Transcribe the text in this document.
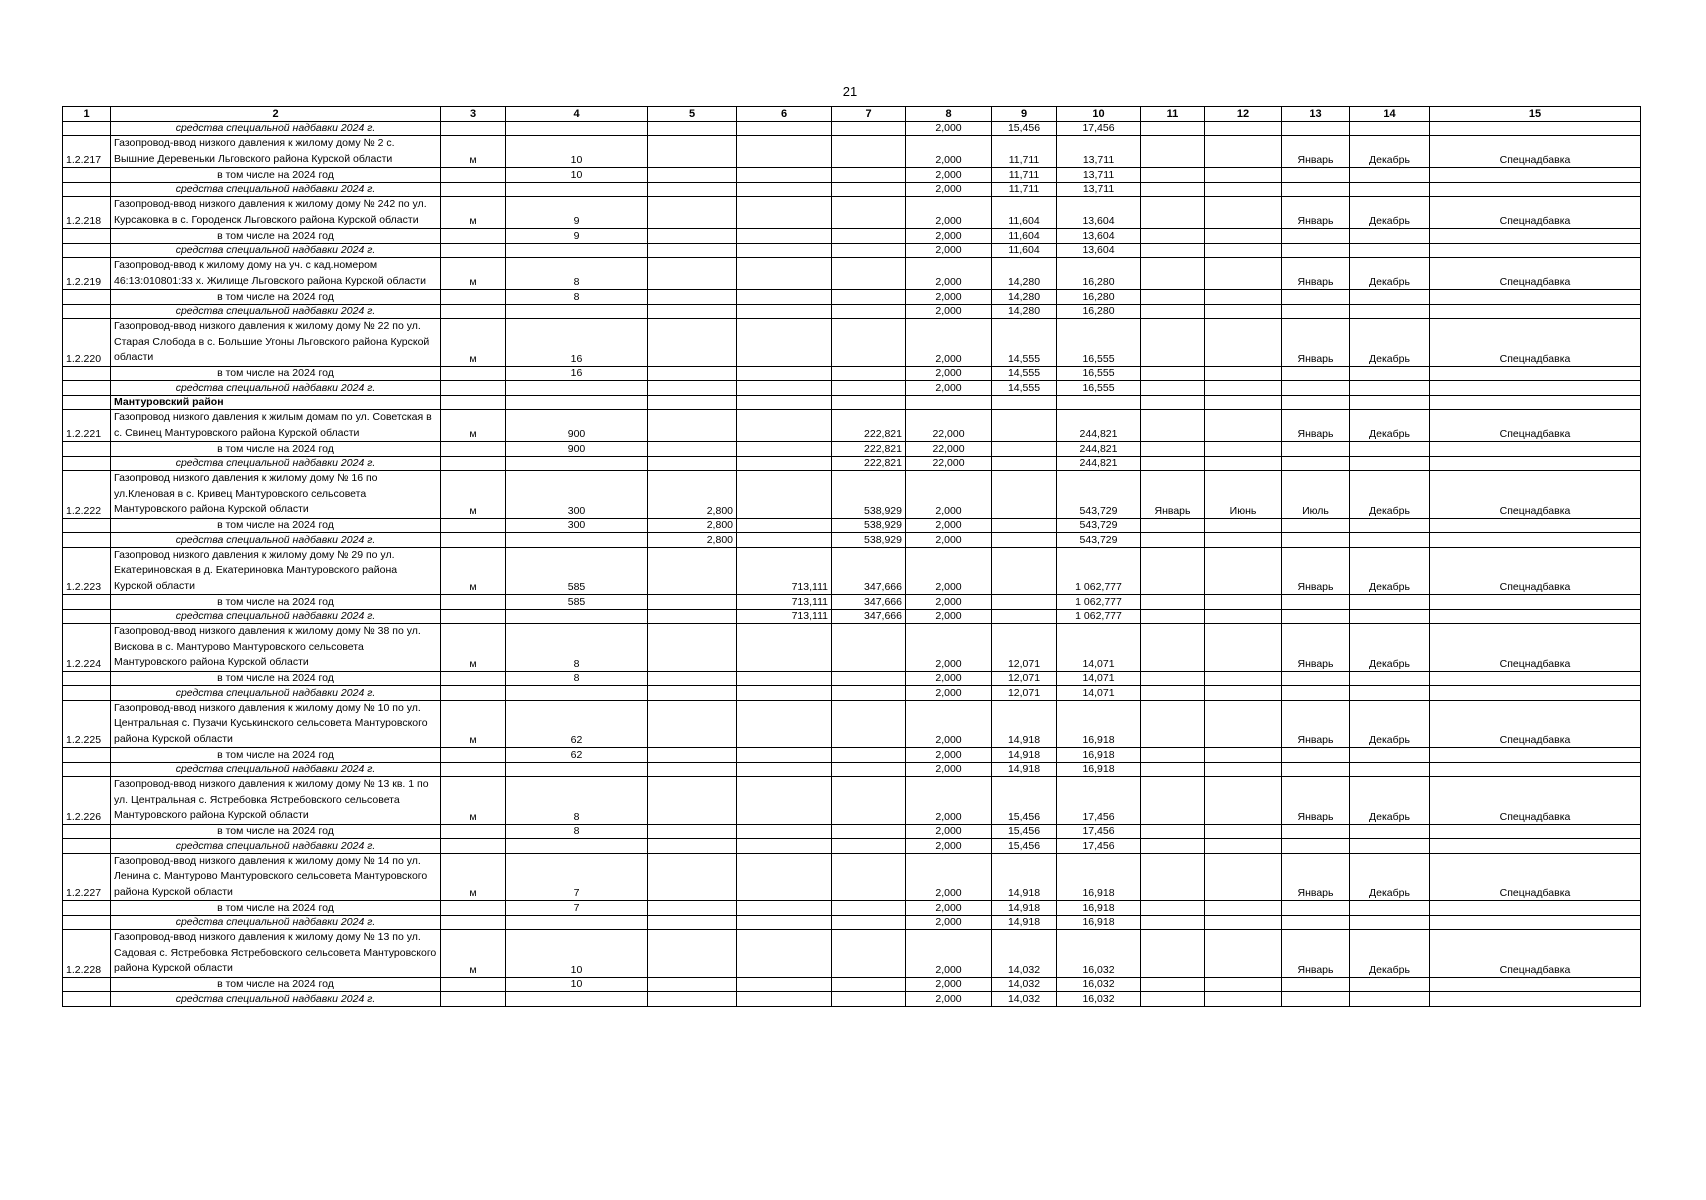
21
1	2	3	4	5	6	7	8	9	10	11	12	13	14	15
	средства специальной надбавки 2024 г.						2,000	15,456	17,456					
1.2.217	Газопровод-ввод низкого давления к жилому дому № 2 с. Вышние Деревеньки Льговского района Курской области	м	10				2,000	11,711	13,711			Январь	Декабрь	Спецнадбавка
	в том числе на 2024 год		10				2,000	11,711	13,711					
	средства специальной надбавки 2024 г.						2,000	11,711	13,711					
1.2.218	Газопровод-ввод низкого давления к жилому дому № 242 по ул. Курсаковка в с. Городенск Льговского района Курской области	м	9				2,000	11,604	13,604			Январь	Декабрь	Спецнадбавка
	в том числе на 2024 год		9				2,000	11,604	13,604					
	средства специальной надбавки 2024 г.						2,000	11,604	13,604					
1.2.219	Газопровод-ввод к жилому дому на уч. с кад.номером 46:13:010801:33 х. Жилище Льговского района Курской области	м	8				2,000	14,280	16,280			Январь	Декабрь	Спецнадбавка
	в том числе на 2024 год		8				2,000	14,280	16,280					
	средства специальной надбавки 2024 г.						2,000	14,280	16,280					
1.2.220	Газопровод-ввод низкого давления к жилому дому № 22 по ул. Старая Слобода в с. Большие Угоны Льговского района Курской области	м	16				2,000	14,555	16,555			Январь	Декабрь	Спецнадбавка
	в том числе на 2024 год		16				2,000	14,555	16,555					
	средства специальной надбавки 2024 г.						2,000	14,555	16,555					
	Мантуровский район													
1.2.221	Газопровод низкого давления к жилым домам по ул. Советская в с. Свинец Мантуровского района Курской области	м	900			222,821	22,000		244,821			Январь	Декабрь	Спецнадбавка
	в том числе на 2024 год		900			222,821	22,000		244,821					
	средства специальной надбавки 2024 г.					222,821	22,000		244,821					
1.2.222	Газопровод низкого давления к жилому дому № 16 по ул.Кленовая в с. Кривец Мантуровского сельсовета Мантуровского района Курской области	м	300	2,800		538,929	2,000		543,729	Январь	Июнь	Июль	Декабрь	Спецнадбавка
	в том числе на 2024 год		300	2,800		538,929	2,000		543,729					
	средства специальной надбавки 2024 г.			2,800		538,929	2,000		543,729					
1.2.223	Газопровод низкого давления к жилому дому № 29 по ул. Екатериновская в д. Екатериновка Мантуровского района Курской области	м	585		713,111	347,666	2,000		1 062,777			Январь	Декабрь	Спецнадбавка
	в том числе на 2024 год		585		713,111	347,666	2,000		1 062,777					
	средства специальной надбавки 2024 г.				713,111	347,666	2,000		1 062,777					
1.2.224	Газопровод-ввод низкого давления к жилому дому № 38 по ул. Вискова в с. Мантурово Мантуровского сельсовета Мантуровского района Курской области	м	8				2,000	12,071	14,071			Январь	Декабрь	Спецнадбавка
	в том числе на 2024 год		8				2,000	12,071	14,071					
	средства специальной надбавки 2024 г.						2,000	12,071	14,071					
1.2.225	Газопровод-ввод низкого давления к жилому дому № 10 по ул. Центральная с. Пузачи Куськинского сельсовета Мантуровского района Курской области	м	62				2,000	14,918	16,918			Январь	Декабрь	Спецнадбавка
	в том числе на 2024 год		62				2,000	14,918	16,918					
	средства специальной надбавки 2024 г.						2,000	14,918	16,918					
1.2.226	Газопровод-ввод низкого давления к жилому дому № 13 кв. 1 по ул. Центральная с. Ястребовка Ястребовского сельсовета Мантуровского района Курской области	м	8				2,000	15,456	17,456			Январь	Декабрь	Спецнадбавка
	в том числе на 2024 год		8				2,000	15,456	17,456					
	средства специальной надбавки 2024 г.						2,000	15,456	17,456					
1.2.227	Газопровод-ввод низкого давления к жилому дому № 14 по ул. Ленина с. Мантурово Мантуровского сельсовета Мантуровского района Курской области	м	7				2,000	14,918	16,918			Январь	Декабрь	Спецнадбавка
	в том числе на 2024 год		7				2,000	14,918	16,918					
	средства специальной надбавки 2024 г.						2,000	14,918	16,918					
1.2.228	Газопровод-ввод низкого давления к жилому дому № 13 по ул. Садовая с. Ястребовка Ястребовского сельсовета Мантуровского района Курской области	м	10				2,000	14,032	16,032			Январь	Декабрь	Спецнадбавка
	в том числе на 2024 год		10				2,000	14,032	16,032					
	средства специальной надбавки 2024 г.						2,000	14,032	16,032					
